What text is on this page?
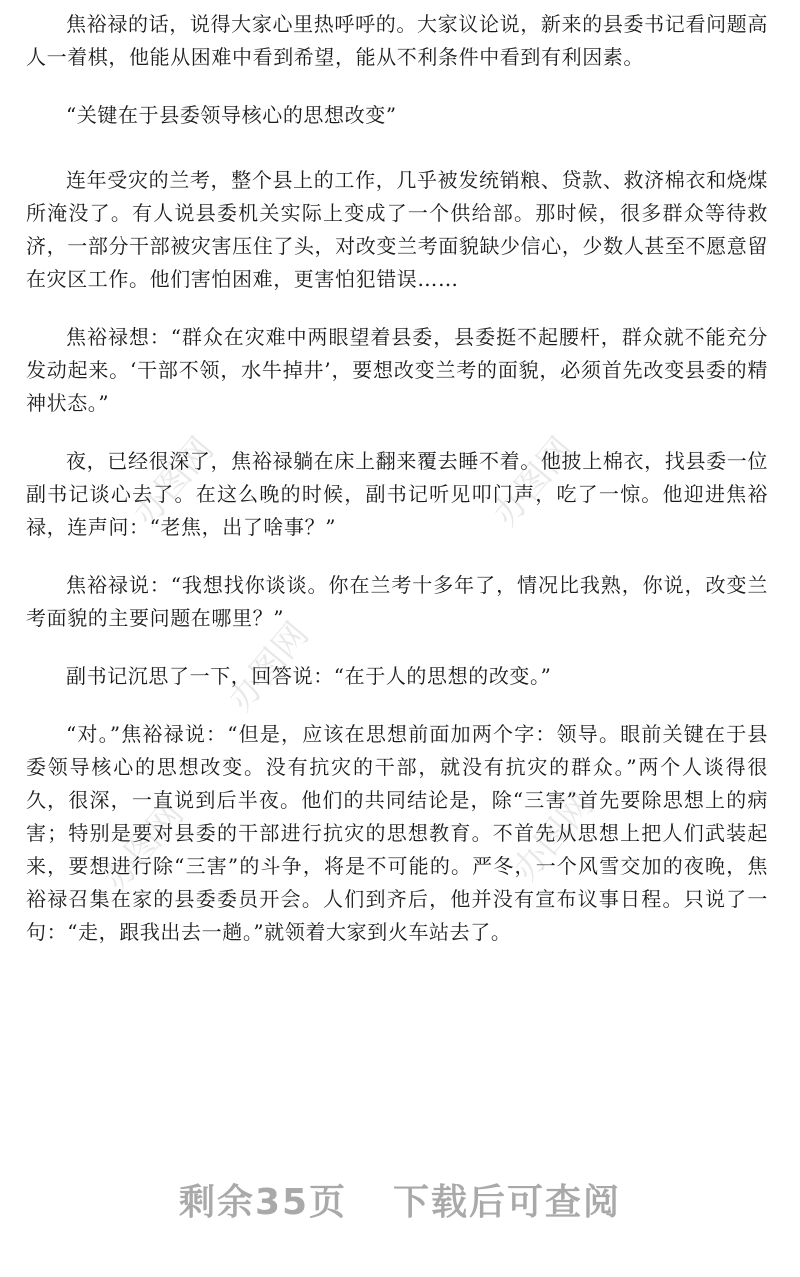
办图网	办图网
办图网
办图网
办图网

焦裕禄的话，说得大家心里热呼呼的。大家议论说，新来的县委书记看问题高人一着棋，他能从困难中看到希望，能从不利条件中看到有利因素。

“关键在于县委领导核心的思想改变”

连年受灾的兰考，整个县上的工作，几乎被发统销粮、贷款、救济棉衣和烧煤所淹没了。有人说县委机关实际上变成了一个供给部。那时候，很多群众等待救济，一部分干部被灾害压住了头，对改变兰考面貌缺少信心，少数人甚至不愿意留在灾区工作。他们害怕困难，更害怕犯错误……

焦裕禄想：“群众在灾难中两眼望着县委，县委挺不起腰杆，群众就不能充分发动起来。‘干部不领，水牛掉井’，要想改变兰考的面貌，必须首先改变县委的精神状态。”

夜，已经很深了，焦裕禄躺在床上翻来覆去睡不着。他披上棉衣，找县委一位副书记谈心去了。在这么晚的时候，副书记听见叩门声，吃了一惊。他迎进焦裕禄，连声问：“老焦，出了啥事？”

焦裕禄说：“我想找你谈谈。你在兰考十多年了，情况比我熟，你说，改变兰考面貌的主要问题在哪里？”

副书记沉思了一下，回答说：“在于人的思想的改变。”

“对。”焦裕禄说：“但是，应该在思想前面加两个字：领导。眼前关键在于县委领导核心的思想改变。没有抗灾的干部，就没有抗灾的群众。”两个人谈得很久，很深，一直说到后半夜。他们的共同结论是，除“三害”首先要除思想上的病害；特别是要对县委的干部进行抗灾的思想教育。不首先从思想上把人们武装起来，要想进行除“三害”的斗争，将是不可能的。严冬，一个风雪交加的夜晚，焦裕禄召集在家的县委委员开会。人们到齐后，他并没有宣布议事日程。只说了一句：“走，跟我出去一趟。”就领着大家到火车站去了。

剩余35页 下载后可查阅
